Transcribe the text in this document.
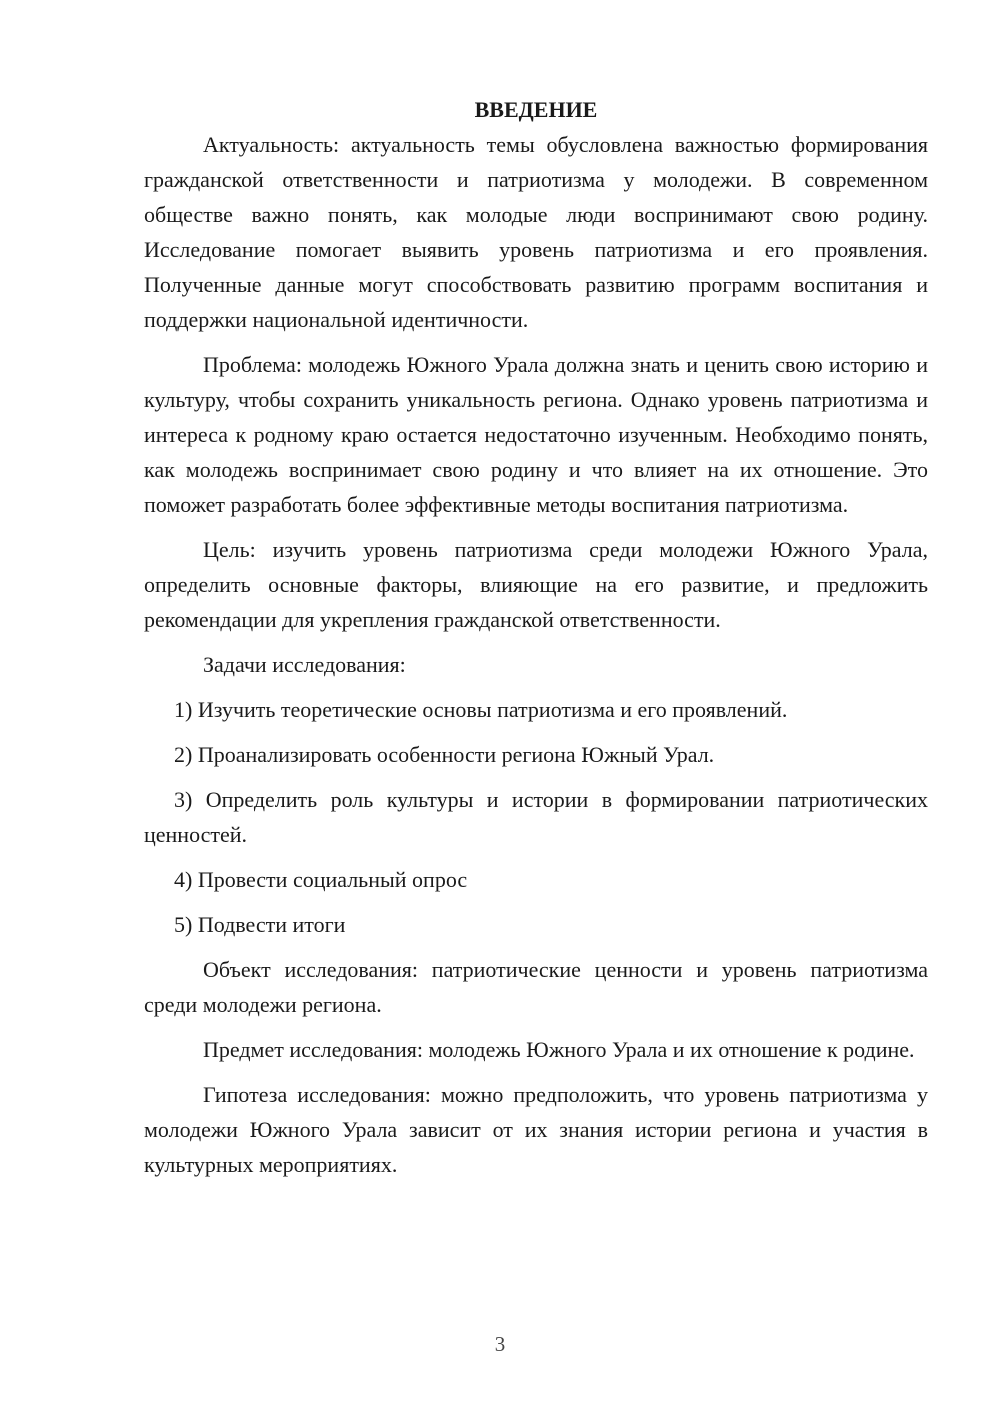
ВВЕДЕНИЕ

Актуальность: актуальность темы обусловлена важностью формирования гражданской ответственности и патриотизма у молодежи. В современном обществе важно понять, как молодые люди воспринимают свою родину. Исследование помогает выявить уровень патриотизма и его проявления. Полученные данные могут способствовать развитию программ воспитания и поддержки национальной идентичности.

Проблема: молодежь Южного Урала должна знать и ценить свою историю и культуру, чтобы сохранить уникальность региона. Однако уровень патриотизма и интереса к родному краю остается недостаточно изученным. Необходимо понять, как молодежь воспринимает свою родину и что влияет на их отношение. Это поможет разработать более эффективные методы воспитания патриотизма.

Цель: изучить уровень патриотизма среди молодежи Южного Урала, определить основные факторы, влияющие на его развитие, и предложить рекомендации для укрепления гражданской ответственности.

Задачи исследования:

1) Изучить теоретические основы патриотизма и его проявлений.

2) Проанализировать особенности региона Южный Урал.

3) Определить роль культуры и истории в формировании патриотических ценностей.

4) Провести социальный опрос

5) Подвести итоги

Объект исследования: патриотические ценности и уровень патриотизма среди молодежи региона.

Предмет исследования: молодежь Южного Урала и их отношение к родине.

Гипотеза исследования: можно предположить, что уровень патриотизма у молодежи Южного Урала зависит от их знания истории региона и участия в культурных мероприятиях.

3
